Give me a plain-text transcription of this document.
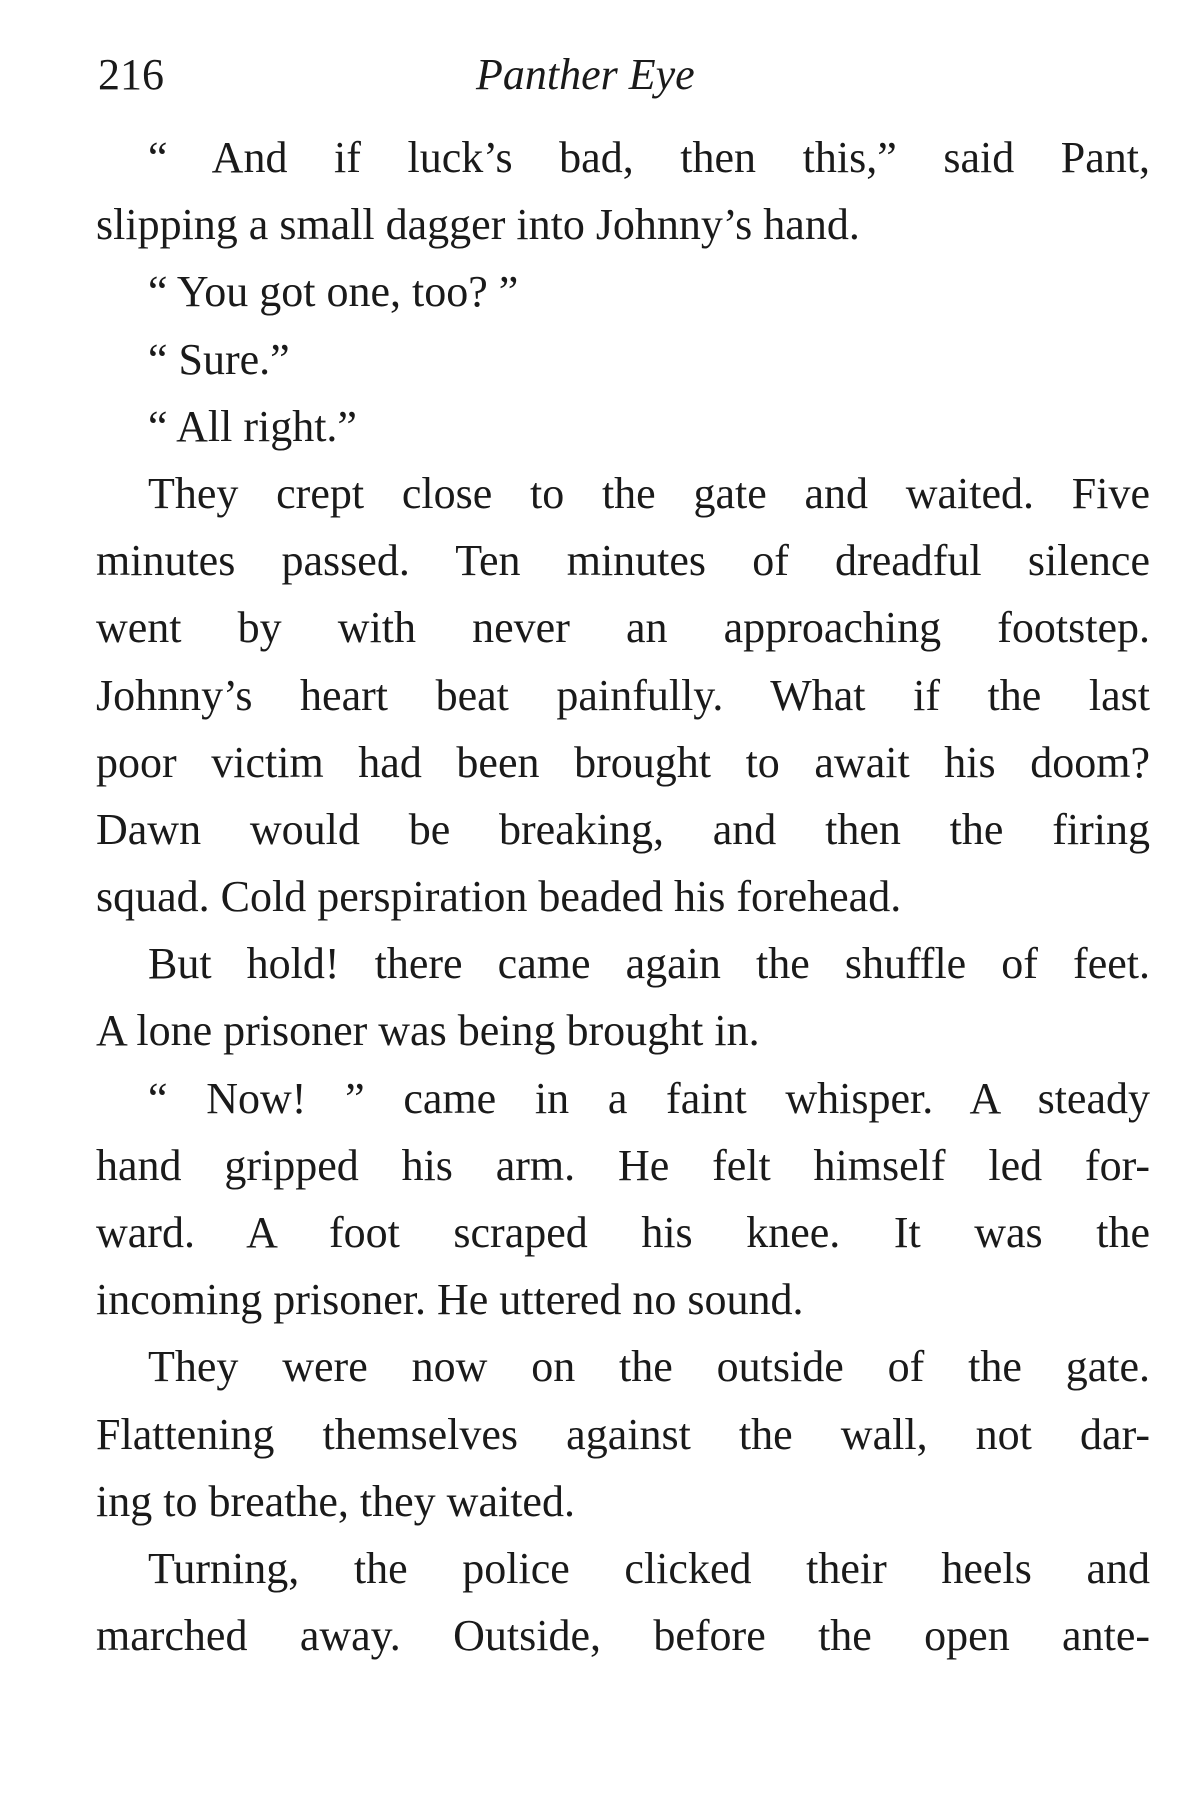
216	Panther Eye
“ And if luck’s bad, then this,” said Pant,
slipping a small dagger into Johnny’s hand.
“ You got one, too? ”
“ Sure.”
“ All right.”
They crept close to the gate and waited. Five
minutes passed. Ten minutes of dreadful silence
went by with never an approaching footstep.
Johnny’s heart beat painfully. What if the last
poor victim had been brought to await his doom?
Dawn would be breaking, and then the firing
squad. Cold perspiration beaded his forehead.
But hold! there came again the shuffle of feet.
A lone prisoner was being brought in.
“ Now! ” came in a faint whisper. A steady
hand gripped his arm. He felt himself led for-
ward. A foot scraped his knee. It was the
incoming prisoner. He uttered no sound.
They were now on the outside of the gate.
Flattening themselves against the wall, not dar-
ing to breathe, they waited.
Turning, the police clicked their heels and
marched away. Outside, before the open ante-
